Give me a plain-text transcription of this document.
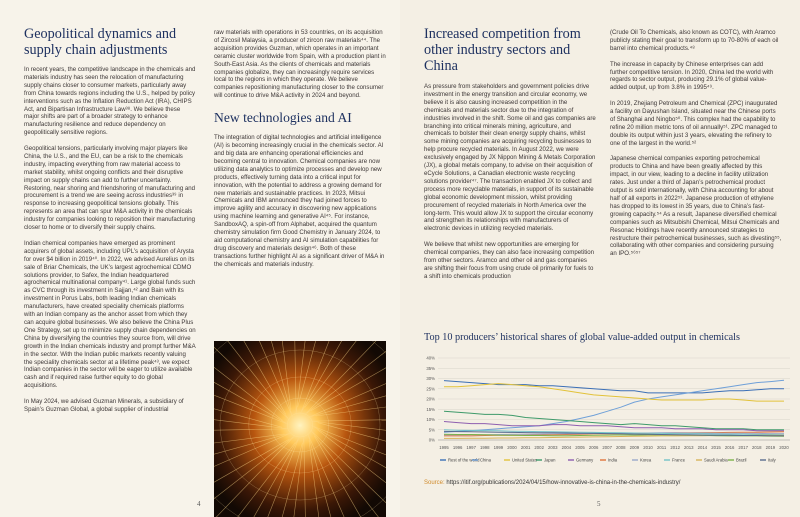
Geopolitical dynamics and supply chain adjustments

In recent years, the competitive landscape in the chemicals and materials industry has seen the relocation of manufacturing supply chains closer to consumer markets, particularly away from China towards regions including the U.S., helped by policy interventions such as the Inflation Reduction Act (IRA), CHIPS Act, and Bipartisan Infrastructure Law³⁸. We believe these major shifts are part of a broader strategy to enhance manufacturing resilience and reduce dependency on geopolitically sensitive regions.

Geopolitical tensions, particularly involving major players like China, the U.S., and the EU, can be a risk to the chemicals industry, impacting everything from raw material access to market stability, whilst ongoing conflicts and their disruptive impact on supply chains can add to further uncertainty. Restoring, near shoring and friendshoring of manufacturing and procurement is a trend we are seeing across industries³⁹ in response to increasing geopolitical tensions globally. This represents an area that can spur M&A activity in the chemicals industry for companies looking to reposition their manufacturing closer to home or to diversify their supply chains.

Indian chemical companies have emerged as prominent acquirers of global assets, including UPL’s acquisition of Arysta for over $4 billion in 2019⁴⁰. In 2022, we advised Aurelius on its sale of Briar Chemicals, the UK’s largest agrochemical CDMO solutions provider, to Safex, the Indian headquartered agrochemical multinational company⁴¹. Large global funds such as CVC through its investment in Sajjan,⁴² and Bain with its investment in Porus Labs, both leading Indian chemicals manufacturers, have created speciality chemicals platforms with an Indian company as the anchor asset from which they can acquire global businesses. We also believe the China Plus One Strategy, set up to minimize supply chain dependencies on China by diversifying the countries they source from, will drive growth in the Indian chemicals industry and prompt further M&A in the sector. With the Indian public markets recently valuing the speciality chemicals sector at a lifetime peak⁴³, we expect Indian companies in the sector will be eager to utilize available cash and if required raise further equity to do global acquisitions.

In May 2024, we advised Guzman Minerals, a subsidiary of Spain’s Guzman Global, a global supplier of industrial

raw materials with operations in 53 countries, on its acquisition of Zircosil Malaysia, a producer of zircon raw materials⁴⁴. The acquisition provides Guzman, which operates in an important ceramic cluster worldwide from Spain, with a production plant in South-East Asia. As the clients of chemicals and materials companies globalize, they can increasingly require services local to the regions in which they operate. We believe companies repositioning manufacturing closer to the consumer will continue to drive M&A activity in 2024 and beyond.

New technologies and AI

The integration of digital technologies and artificial intelligence (AI) is becoming increasingly crucial in the chemicals sector. AI and big data are enhancing operational efficiencies and becoming central to innovation. Chemical companies are now utilizing data analytics to optimize processes and develop new products, effectively turning data into a critical input for innovation, with the potential to address a growing demand for new materials and sustainable practices. In 2023, Mitsui Chemicals and IBM announced they had joined forces to improve agility and accuracy in discovering new applications using machine learning and generative AI⁴⁵. For instance, SandboxAQ, a spin-off from Alphabet, acquired the quantum chemistry simulation firm Good Chemistry in January 2024, to aid computational chemistry and AI simulation capabilities for drug discovery and materials design⁴⁶. Both of these transactions further highlight AI as a significant driver of M&A in the chemicals and materials industry.

4
Increased competition from other industry sectors and China

As pressure from stakeholders and government policies drive investment in the energy transition and circular economy, we believe it is also causing increased competition in the chemicals and materials sector due to the integration of industries involved in the shift. Some oil and gas companies are branching into critical minerals mining, agriculture, and chemicals to bolster their clean energy supply chains, whilst some mining companies are acquiring recycling businesses to help procure recycled materials. In August 2022, we were exclusively engaged by JX Nippon Mining & Metals Corporation (JX), a global metals company, to advise on their acquisition of eCycle Solutions, a Canadian electronic waste recycling solutions provider⁴⁷. The transaction enabled JX to collect and process more recyclable materials, in support of its sustainable global economic development mission, whilst providing procurement of recycled materials in North America over the long-term. This would allow JX to support the circular economy and strengthen its relationships with manufacturers of electronic devices in utilizing recycled materials.

We believe that whilst new opportunities are emerging for chemical companies, they can also face increasing competition from other sectors. Aramco and other oil and gas companies are shifting their focus from using crude oil primarily for fuels to a shift into chemicals production

(Crude Oil To Chemicals, also known as COTC), with Aramco publicly stating their goal to transform up to 70-80% of each oil barrel into chemical products.⁴⁸

The increase in capacity by Chinese enterprises can add further competitive tension. In 2020, China led the world with regards to sector output, producing 29.1% of global value-added output, up from 3.8% in 1995⁴⁹.

In 2019, Zhejiang Petroleum and Chemical (ZPC) inaugurated a facility on Dayushan Island, situated near the Chinese ports of Shanghai and Ningbo⁵⁰. This complex had the capability to refine 20 million metric tons of oil annually⁵¹. ZPC managed to double its output within just 3 years, elevating the refinery to one of the largest in the world.⁵²

Japanese chemical companies exporting petrochemical products to China and have been greatly affected by this impact, in our view, leading to a decline in facility utilization rates. Just under a third of Japan’s petrochemical product output is sold internationally, with China accounting for about half of all exports in 2022⁵³. Japanese production of ethylene has dropped to its lowest in 35 years, due to China’s fast-growing capacity.⁵⁴ As a result, Japanese diversified chemical companies such as Mitsubishi Chemical, Mitsui Chemicals and Resonac Holdings have recently announced strategies to restructure their petrochemical businesses, such as divesting⁵⁵, collaborating with other companies and considering pursuing an IPO.⁵⁶⁵⁷

5
Top 10 producers’ historical shares of global value-added output in chemicals
0%
5%
10%
15%
20%
25%
30%
35%
40%
1995 1996 1997 1998 1999 2000 2001 2002 2003 2004 2005 2006 2007 2008 2009 2010 2011 2012 2013 2014 2015 2016 2017 2018 2019 2020
Rest of the world China	United States Japan	Germany	India	Korea	France	Saudi Arabia Brazil	Italy
Source: https://itif.org/publications/2024/04/15/how-innovative-is-china-in-the-chemicals-industry/
